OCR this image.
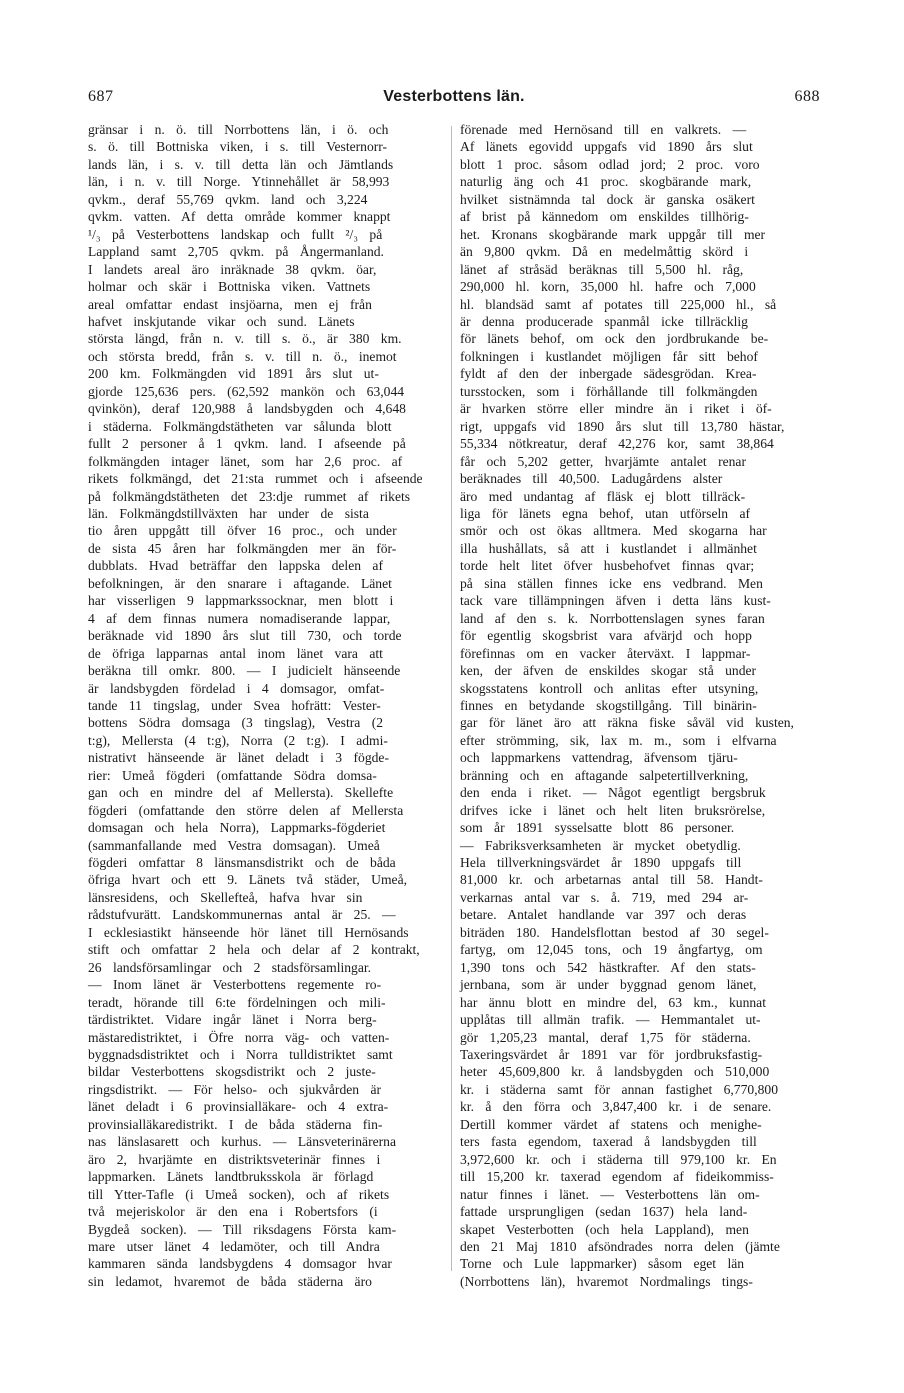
687	Vesterbottens län.	688

gränsar i n. ö. till Norrbottens län, i ö. och

s. ö. till Bottniska viken, i s. till Vesternorr-

lands län, i s. v. till detta län och Jämtlands

län, i n. v. till Norge. Ytinnehållet är 58,993

qvkm., deraf 55,769 qvkm. land och 3,224

qvkm. vatten. Af detta område kommer knappt

¹/₃ på Vesterbottens landskap och fullt ²/₃ på

Lappland samt 2,705 qvkm. på Ångermanland.

I landets areal äro inräknade 38 qvkm. öar,

holmar och skär i Bottniska viken. Vattnets

areal omfattar endast insjöarna, men ej från

hafvet inskjutande vikar och sund. Länets

största längd, från n. v. till s. ö., är 380 km.

och största bredd, från s. v. till n. ö., inemot

200 km. Folkmängden vid 1891 års slut ut-

gjorde 125,636 pers. (62,592 mankön och 63,044

qvinkön), deraf 120,988 å landsbygden och 4,648

i städerna. Folkmängdstätheten var sålunda blott

fullt 2 personer å 1 qvkm. land. I afseende på

folkmängden intager länet, som har 2,6 proc. af

rikets folkmängd, det 21:sta rummet och i afseende

på folkmängdstätheten det 23:dje rummet af rikets

län. Folkmängdstillväxten har under de sista

tio åren uppgått till öfver 16 proc., och under

de sista 45 åren har folkmängden mer än för-

dubblats. Hvad beträffar den lappska delen af

befolkningen, är den snarare i aftagande. Länet

har visserligen 9 lappmarkssocknar, men blott i

4 af dem finnas numera nomadiserande lappar,

beräknade vid 1890 års slut till 730, och torde

de öfriga lapparnas antal inom länet vara att

beräkna till omkr. 800. — I judicielt hänseende

är landsbygden fördelad i 4 domsagor, omfat-

tande 11 tingslag, under Svea hofrätt: Vester-

bottens Södra domsaga (3 tingslag), Vestra (2

t:g), Mellersta (4 t:g), Norra (2 t:g). I admi-

nistrativt hänseende är länet deladt i 3 fögde-

rier: Umeå fögderi (omfattande Södra domsa-

gan och en mindre del af Mellersta). Skellefte

fögderi (omfattande den större delen af Mellersta

domsagan och hela Norra), Lappmarks-fögderiet

(sammanfallande med Vestra domsagan). Umeå

fögderi omfattar 8 länsmansdistrikt och de båda

öfriga hvart och ett 9. Länets två städer, Umeå,

länsresidens, och Skellefteå, hafva hvar sin

rådstufvurätt. Landskommunernas antal är 25. —

I ecklesiastikt hänseende hör länet till Hernösands

stift och omfattar 2 hela och delar af 2 kontrakt,

26 landsförsamlingar och 2 stadsförsamlingar.

— Inom länet är Vesterbottens regemente ro-

teradt, hörande till 6:te fördelningen och mili-

tärdistriktet. Vidare ingår länet i Norra berg-

mästaredistriktet, i Öfre norra väg- och vatten-

byggnadsdistriktet och i Norra tulldistriktet samt

bildar Vesterbottens skogsdistrikt och 2 juste-

ringsdistrikt. — För helso- och sjukvården är

länet deladt i 6 provinsialläkare- och 4 extra-

provinsialläkaredistrikt. I de båda städerna fin-

nas länslasarett och kurhus. — Länsveterinärerna

äro 2, hvarjämte en distriktsveterinär finnes i

lappmarken. Länets landtbruksskola är förlagd

till Ytter-Tafle (i Umeå socken), och af rikets

två mejeriskolor är den ena i Robertsfors (i

Bygdeå socken). — Till riksdagens Första kam-

mare utser länet 4 ledamöter, och till Andra

kammaren sända landsbygdens 4 domsagor hvar

sin ledamot, hvaremot de båda städerna äro

förenade med Hernösand till en valkrets. —

Af länets egovidd uppgafs vid 1890 års slut

blott 1 proc. såsom odlad jord; 2 proc. voro

naturlig äng och 41 proc. skogbärande mark,

hvilket sistnämnda tal dock är ganska osäkert

af brist på kännedom om enskildes tillhörig-

het. Kronans skogbärande mark uppgår till mer

än 9,800 qvkm. Då en medelmåttig skörd i

länet af stråsäd beräknas till 5,500 hl. råg,

290,000 hl. korn, 35,000 hl. hafre och 7,000

hl. blandsäd samt af potates till 225,000 hl., så

är denna producerade spanmål icke tillräcklig

för länets behof, om ock den jordbrukande be-

folkningen i kustlandet möjligen får sitt behof

fyldt af den der inbergade sädesgrödan. Krea-

tursstocken, som i förhållande till folkmängden

är hvarken större eller mindre än i riket i öf-

rigt, uppgafs vid 1890 års slut till 13,780 hästar,

55,334 nötkreatur, deraf 42,276 kor, samt 38,864

får och 5,202 getter, hvarjämte antalet renar

beräknades till 40,500. Ladugårdens alster

äro med undantag af fläsk ej blott tillräck-

liga för länets egna behof, utan utförseln af

smör och ost ökas alltmera. Med skogarna har

illa hushållats, så att i kustlandet i allmänhet

torde helt litet öfver husbehofvet finnas qvar;

på sina ställen finnes icke ens vedbrand. Men

tack vare tillämpningen äfven i detta läns kust-

land af den s. k. Norrbottenslagen synes faran

för egentlig skogsbrist vara afvärjd och hopp

förefinnas om en vacker återväxt. I lappmar-

ken, der äfven de enskildes skogar stå under

skogsstatens kontroll och anlitas efter utsyning,

finnes en betydande skogstillgång. Till binärin-

gar för länet äro att räkna fiske såväl vid kusten,

efter strömming, sik, lax m. m., som i elfvarna

och lappmarkens vattendrag, äfvensom tjäru-

bränning och en aftagande salpetertillverkning,

den enda i riket. — Något egentligt bergsbruk

drifves icke i länet och helt liten bruksrörelse,

som år 1891 sysselsatte blott 86 personer.

— Fabriksverksamheten är mycket obetydlig.

Hela tillverkningsvärdet år 1890 uppgafs till

81,000 kr. och arbetarnas antal till 58. Handt-

verkarnas antal var s. å. 719, med 294 ar-

betare. Antalet handlande var 397 och deras

biträden 180. Handelsflottan bestod af 30 segel-

fartyg, om 12,045 tons, och 19 ångfartyg, om

1,390 tons och 542 hästkrafter. Af den stats-

jernbana, som är under byggnad genom länet,

har ännu blott en mindre del, 63 km., kunnat

upplåtas till allmän trafik. — Hemmantalet ut-

gör 1,205,23 mantal, deraf 1,75 för städerna.

Taxeringsvärdet år 1891 var för jordbruksfastig-

heter 45,609,800 kr. å landsbygden och 510,000

kr. i städerna samt för annan fastighet 6,770,800

kr. å den förra och 3,847,400 kr. i de senare.

Dertill kommer värdet af statens och menighe-

ters fasta egendom, taxerad å landsbygden till

3,972,600 kr. och i städerna till 979,100 kr. En

till 15,200 kr. taxerad egendom af fideikommiss-

natur finnes i länet. — Vesterbottens län om-

fattade ursprungligen (sedan 1637) hela land-

skapet Vesterbotten (och hela Lappland), men

den 21 Maj 1810 afsöndrades norra delen (jämte

Torne och Lule lappmarker) såsom eget län

(Norrbottens län), hvaremot Nordmalings tings-
